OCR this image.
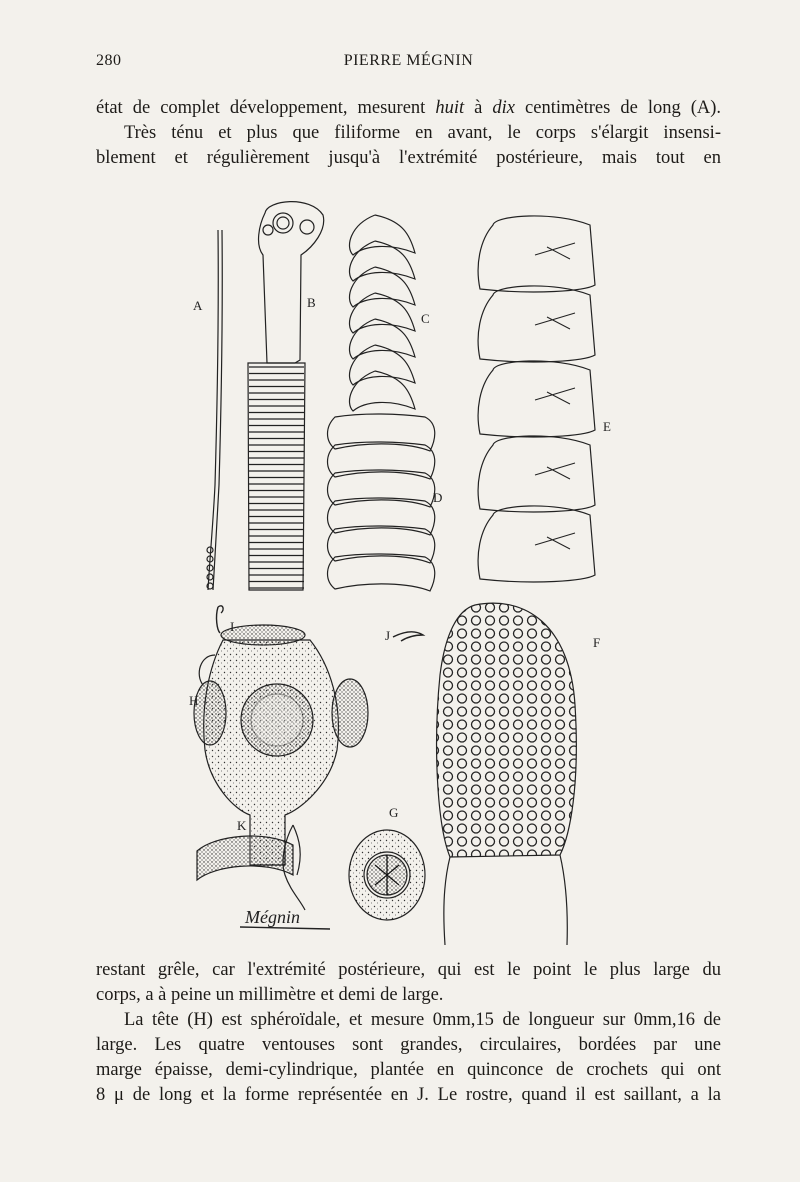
280	PIERRE MÉGNIN
état de complet développement, mesurent huit à dix centimètres de long (A).
Très ténu et plus que filiforme en avant, le corps s'élargit insensi-
blement et régulièrement jusqu'à l'extrémité postérieure, mais tout en
Mégnin
A	B
C
D
E
F
G
H
I
J
K
restant grêle, car l'extrémité postérieure, qui est le point le plus large du
corps, a à peine un millimètre et demi de large.
La tête (H) est sphéroïdale, et mesure 0mm,15 de longueur sur 0mm,16 de
large. Les quatre ventouses sont grandes, circulaires, bordées par une
marge épaisse, demi-cylindrique, plantée en quinconce de crochets qui ont
8 μ de long et la forme représentée en J. Le rostre, quand il est saillant, a la
